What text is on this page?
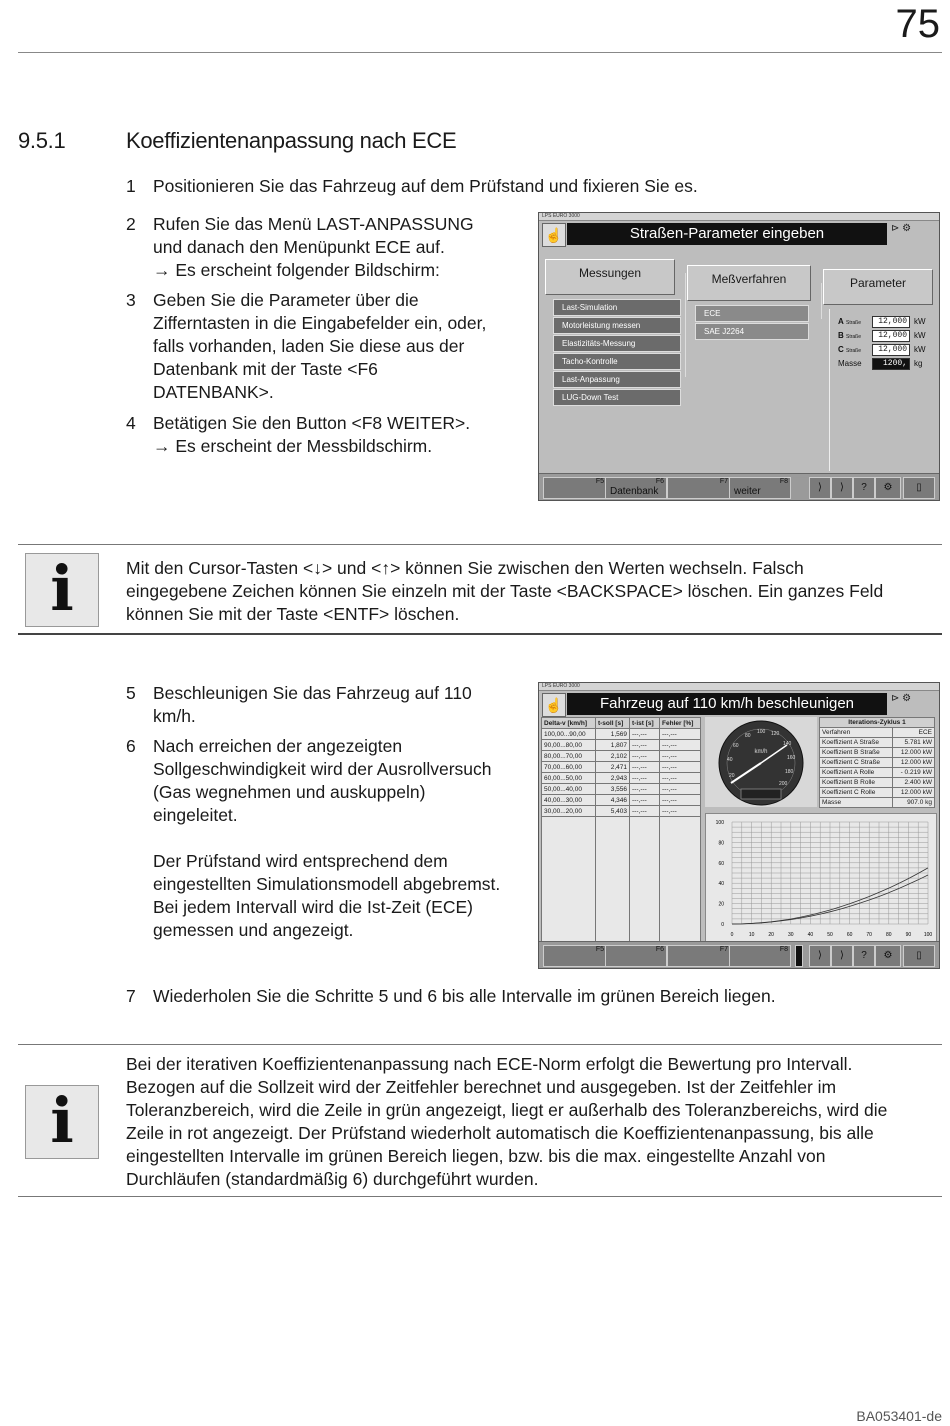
75
9.5.1	Koeffizientenanpassung nach ECE
1 Positionieren Sie das Fahrzeug auf dem Prüfstand und fixieren Sie es.
2 Rufen Sie das Menü LAST-ANPASSUNG
und danach den Menüpunkt ECE auf.
→ Es erscheint folgender Bildschirm:
3 Geben Sie die Parameter über die
Zifferntasten in die Eingabefelder ein, oder,
falls vorhanden, laden Sie diese aus der
Datenbank mit der Taste <F6
DATENBANK>.
4 Betätigen Sie den Button <F8 WEITER>.
→ Es erscheint der Messbildschirm.
LPS EURO 3000
☝	Straßen-Parameter eingeben	⊳ ⚙
Messungen	Meßverfahren	Parameter
Last-Simulation
Motorleistung messen
Elastizitäts-Messung
Tacho-Kontrolle
Last-Anpassung
LUG-Down Test
ECE
SAE J2264
A Straße	12,000 kW
B Straße	12,000 kW
C Straße	12,000 kW
Masse	1200, kg
F5	F6
Datenbank
F7	F8
weiter	⟩	⟩	?	⚙	▯
i	Mit den Cursor-Tasten <↓> und <↑> können Sie zwischen den Werten wechseln. Falsch
eingegebene Zeichen können Sie einzeln mit der Taste <BACKSPACE> löschen. Ein ganzes Feld
können Sie mit der Taste <ENTF> löschen.
5 Beschleunigen Sie das Fahrzeug auf 110
km/h.
6 Nach erreichen der angezeigten
Sollgeschwindigkeit wird der Ausrollversuch
(Gas wegnehmen und auskuppeln)
eingeleitet.

Der Prüfstand wird entsprechend dem
eingestellten Simulationsmodell abgebremst.
Bei jedem Intervall wird die Ist-Zeit (ECE)
gemessen und angezeigt.
LPS EURO 3000
☝	Fahrzeug auf 110 km/h beschleunigen	⊳ ⚙
Delta-v [km/h]	t-soll [s]	t-ist [s]	Fehler [%]
100,00...90,00	1,569	---,---	---,---
90,00...80,00	1,807	---,---	---,---
80,00...70,00	2,102	---,---	---,---
70,00...60,00	2,471	---,---	---,---
60,00...50,00	2,943	---,---	---,---
50,00...40,00	3,556	---,---	---,---
40,00...30,00	4,346	---,---	---,---
30,00...20,00	5,403	---,---	---,---

km/h
20
40
60
80
100 120
140
160
180
200
Iterations-Zyklus 1	
Verfahren	ECE
Koeffizient A Straße	5.781 kW
Koeffizient B Straße	12.000 kW
Koeffizient C Straße	12.000 kW
Koeffizient A Rolle	- 0.219 kW
Koeffizient B Rolle	2.400 kW
Koeffizient C Rolle	12.000 kW
Masse	907.0 kg
0	10	20	30	40	50	60	70	80	90	100
100
80
60
40
20
0
F5	F6	F7	F8
⟩	⟩	?	⚙	▯
7 Wiederholen Sie die Schritte 5 und 6 bis alle Intervalle im grünen Bereich liegen.
i
Bei der iterativen Koeffizientenanpassung nach ECE-Norm erfolgt die Bewertung pro Intervall.
Bezogen auf die Sollzeit wird der Zeitfehler berechnet und ausgegeben. Ist der Zeitfehler im
Toleranzbereich, wird die Zeile in grün angezeigt, liegt er außerhalb des Toleranzbereichs, wird die
Zeile in rot angezeigt. Der Prüfstand wiederholt automatisch die Koeffizientenanpassung, bis alle
eingestellten Intervalle im grünen Bereich liegen, bzw. bis die max. eingestellte Anzahl von
Durchläufen (standardmäßig 6) durchgeführt wurden.
BA053401-de
